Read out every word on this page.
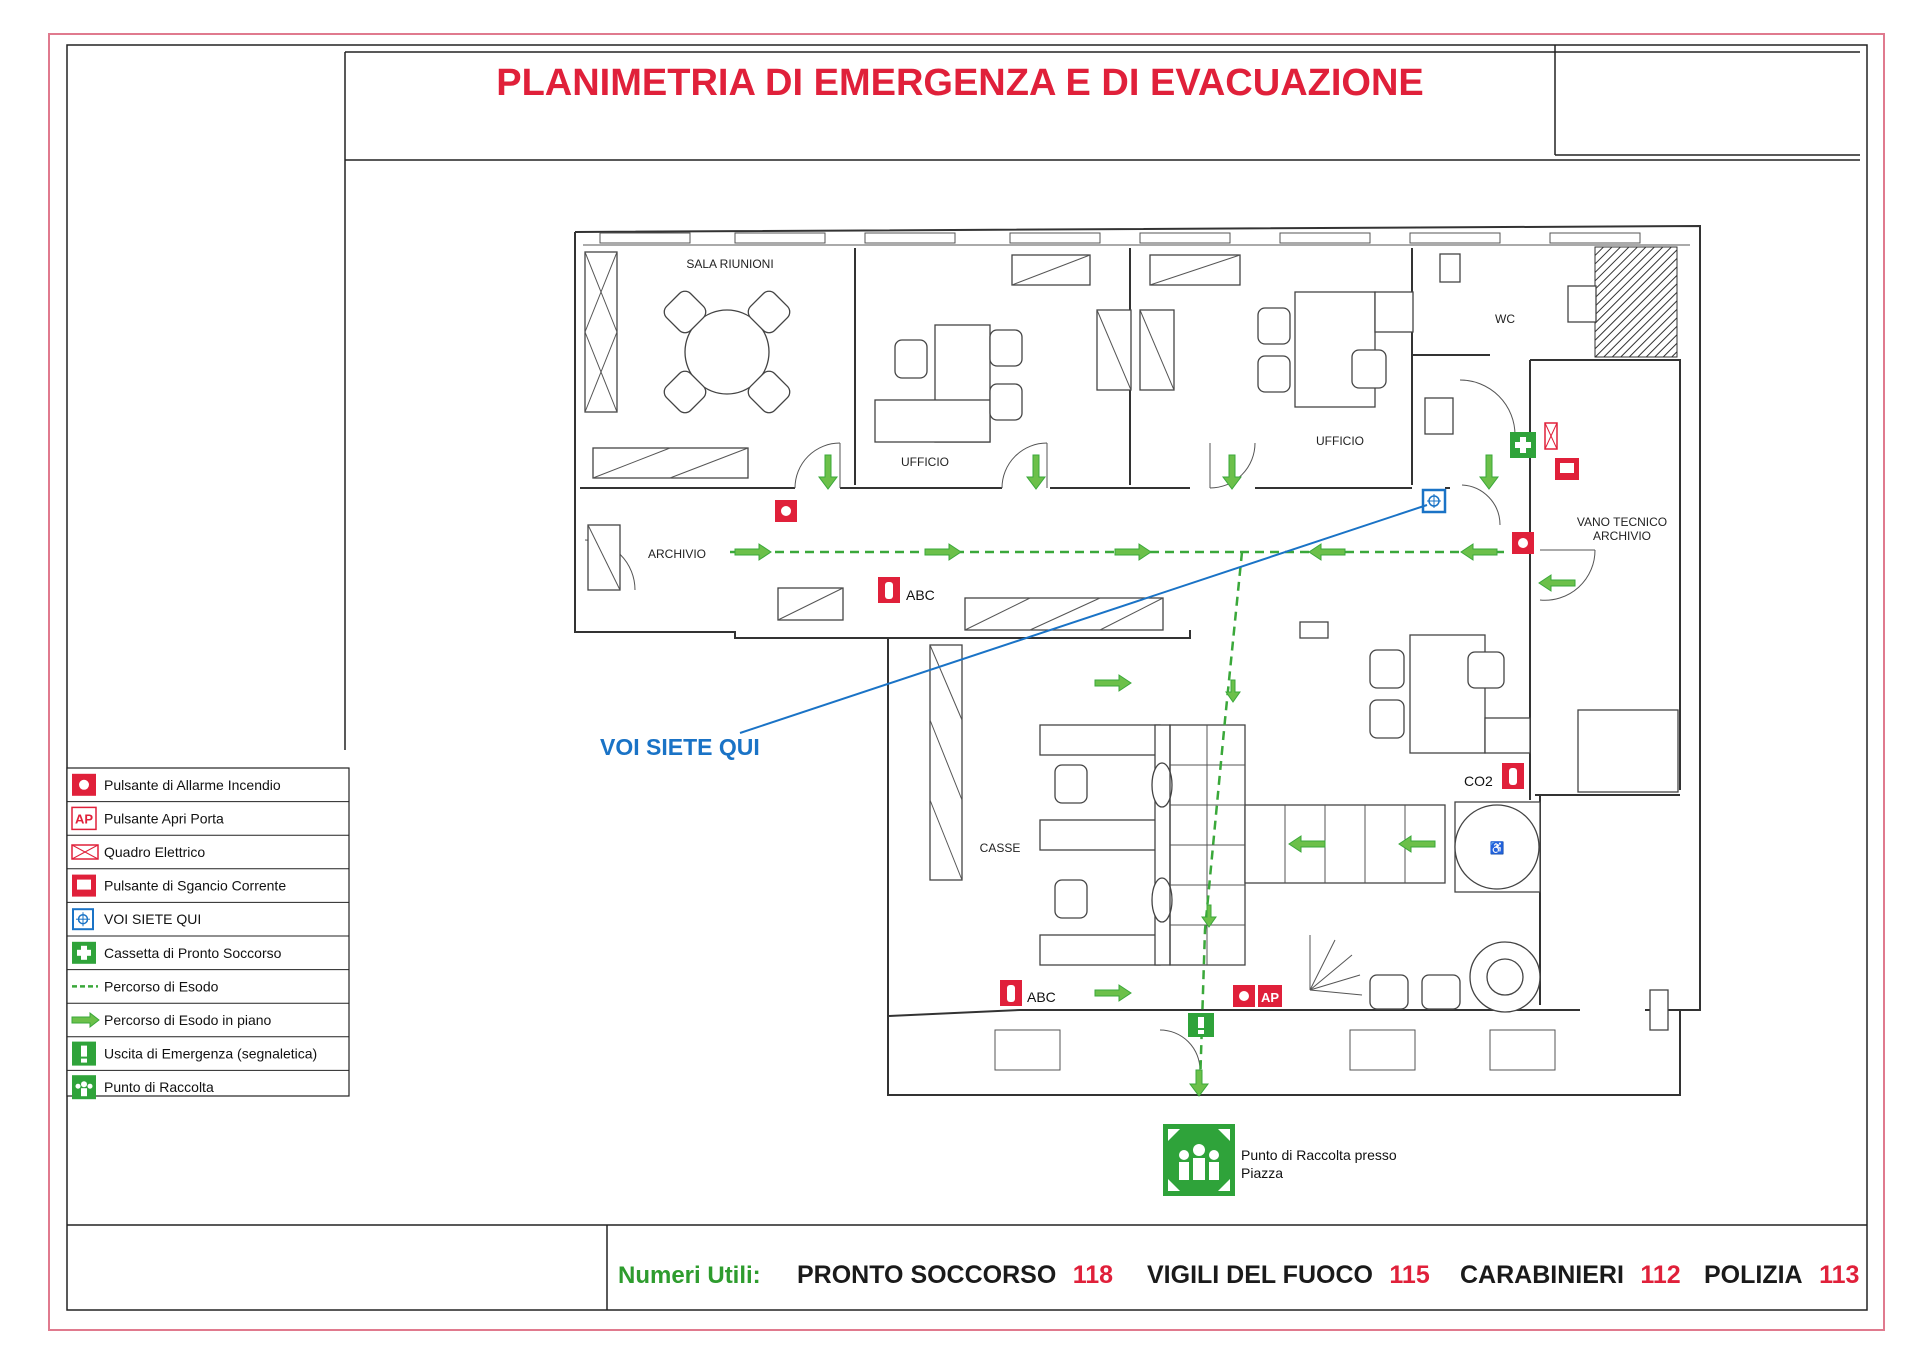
PLANIMETRIA DI EMERGENZA E DI EVACUAZIONE
SALA RIUNIONI
UFFICIO
UFFICIO
WC
VANO TECNICO
ARCHIVIO
ARCHIVIO
CASSE	♿
ABC
ABC
CO2
AP
VOI SIETE QUI
Punto di Raccolta presso
Piazza
Pulsante di Allarme Incendio
AP Pulsante Apri Porta
Quadro Elettrico
Pulsante di Sgancio Corrente
VOI SIETE QUI
Cassetta di Pronto Soccorso
Percorso di Esodo
Percorso di Esodo in piano
Uscita di Emergenza (segnaletica)
Punto di Raccolta
Numeri Utili: PRONTO SOCCORSO 118 VIGILI DEL FUOCO 115 CARABINIERI 112 POLIZIA 113
